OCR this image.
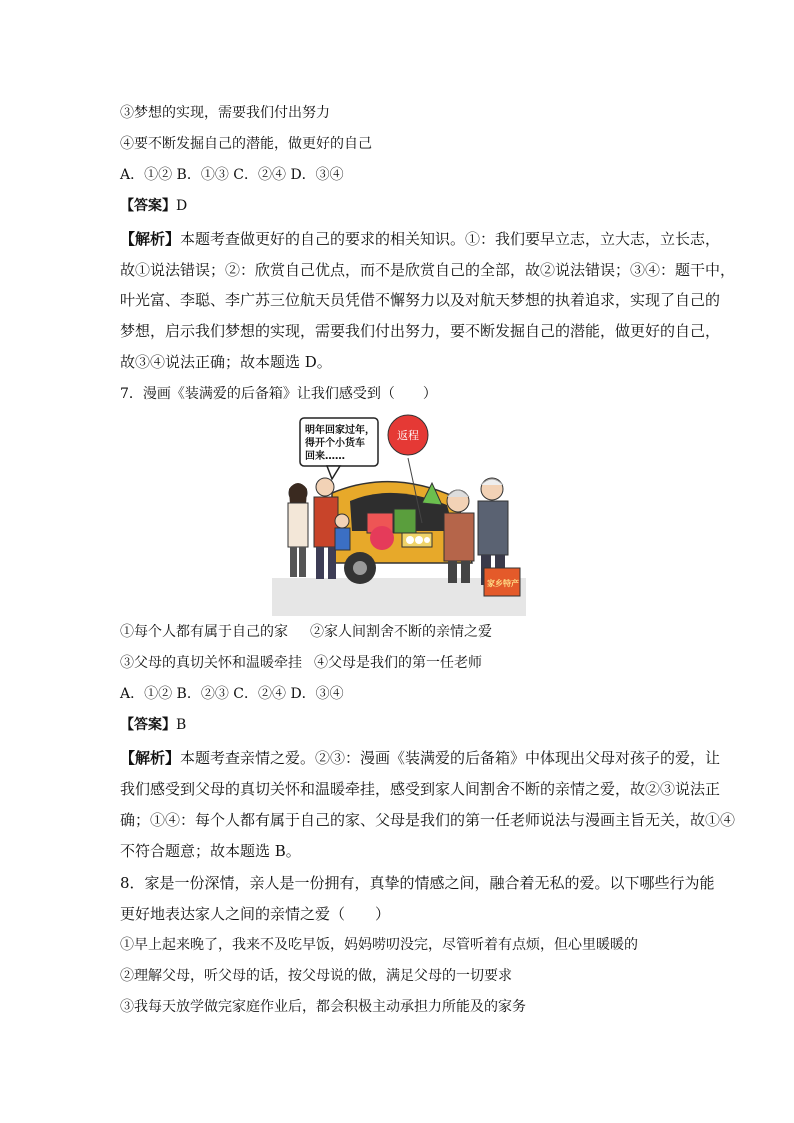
③梦想的实现，需要我们付出努力

④要不断发掘自己的潜能，做更好的自己

A．①② B．①③ C．②④ D．③④

【答案】D

【解析】本题考查做更好的自己的要求的相关知识。①：我们要早立志，立大志，立长志，

故①说法错误；②：欣赏自己优点，而不是欣赏自己的全部，故②说法错误；③④：题干中，

叶光富、李聪、李广苏三位航天员凭借不懈努力以及对航天梦想的执着追求，实现了自己的

梦想，启示我们梦想的实现，需要我们付出努力，要不断发掘自己的潜能，做更好的自己，

故③④说法正确；故本题选 D。

7．漫画《装满爱的后备箱》让我们感受到（　　）

明年回家过年，
得开个小货车
回来……
返程
家乡特产

①每个人都有属于自己的家 ②家人间割舍不断的亲情之爱

③父母的真切关怀和温暖牵挂 ④父母是我们的第一任老师

A．①② B．②③ C．②④ D．③④

【答案】B

【解析】本题考查亲情之爱。②③：漫画《装满爱的后备箱》中体现出父母对孩子的爱，让

我们感受到父母的真切关怀和温暖牵挂，感受到家人间割舍不断的亲情之爱，故②③说法正

确；①④：每个人都有属于自己的家、父母是我们的第一任老师说法与漫画主旨无关，故①④

不符合题意；故本题选 B。

8．家是一份深情，亲人是一份拥有，真挚的情感之间，融合着无私的爱。以下哪些行为能

更好地表达家人之间的亲情之爱（　　）

①早上起来晚了，我来不及吃早饭，妈妈唠叨没完，尽管听着有点烦，但心里暖暖的

②理解父母，听父母的话，按父母说的做，满足父母的一切要求

③我每天放学做完家庭作业后，都会积极主动承担力所能及的家务
